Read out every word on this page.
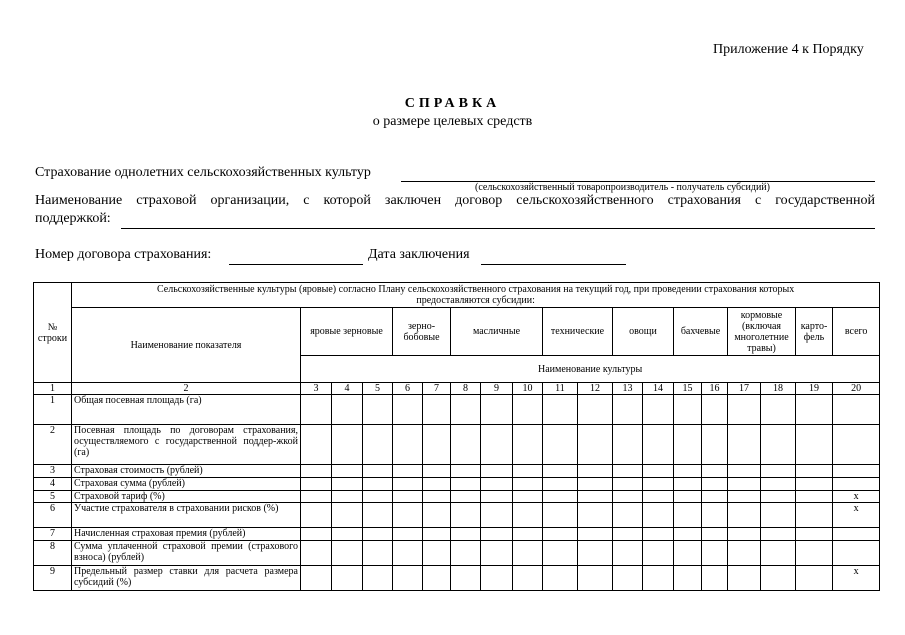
Приложение 4 к Порядку
СПРАВКА
о размере целевых средств
Страхование однолетних сельскохозяйственных культур
(сельскохозяйственный товаропроизводитель - получатель субсидий)
Наименование страховой организации, с которой заключен договор сельскохозяйственного страхования с государственной
поддержкой:
Номер договора страхования:	Дата заключения
№ строки	Сельскохозяйственные культуры (яровые) согласно Плану сельскохозяйственного страхования на текущий год, при проведении страхования которых предоставляются субсидии:																		
	Наименование показателя	яровые зерновые			зерно-бобовые		масличные			технические		овощи		бахчевые		кормовые (включая многолетние травы)		карто-фель	всего
		Наименование культуры																	
1	2	3	4	5	6	7	8	9	10	11	12	13	14	15	16	17	18	19	20
1	Общая посевная площадь (га)																		
2	Посевная площадь по договорам страхования, осуществляемого с государственной поддер-жкой (га)																		
3	Страховая стоимость (рублей)																		
4	Страховая сумма (рублей)																		
5	Страховой тариф (%)																		x
6	Участие страхователя в страховании рисков (%)																		x
7	Начисленная страховая премия (рублей)																		
8	Сумма уплаченной страховой премии (страхового взноса) (рублей)																		
9	Предельный размер ставки для расчета размера субсидий (%)																		x
